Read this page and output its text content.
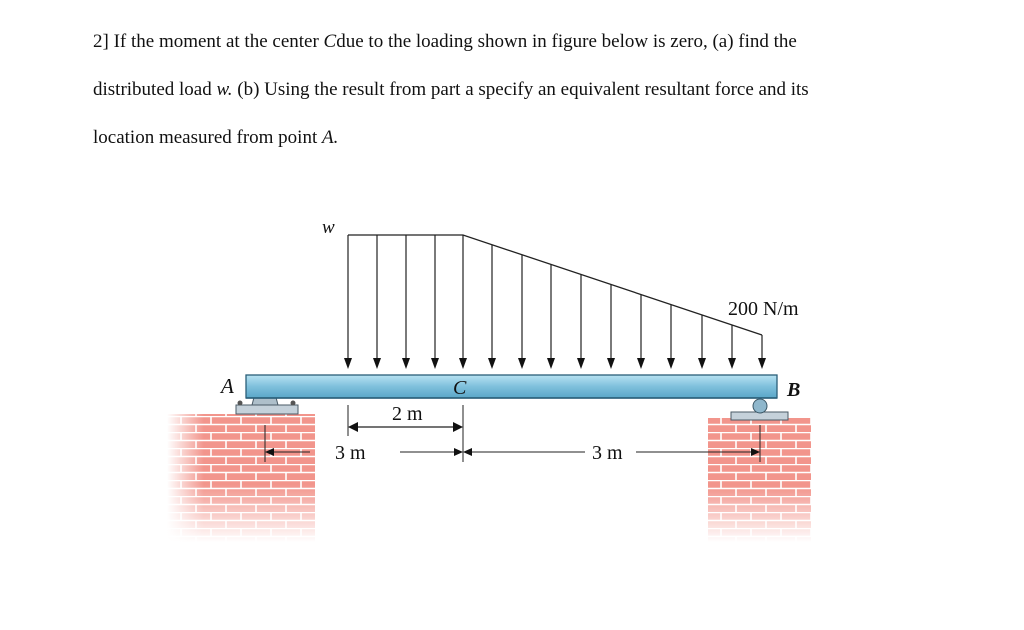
2] If the moment at the center Cdue to the loading shown in figure below is zero, (a) find the

distributed load w. (b) Using the result from part a specify an equivalent resultant force and its

location measured from point A.

A	B
C
w
200 N/m
2 m
3 m	3 m
